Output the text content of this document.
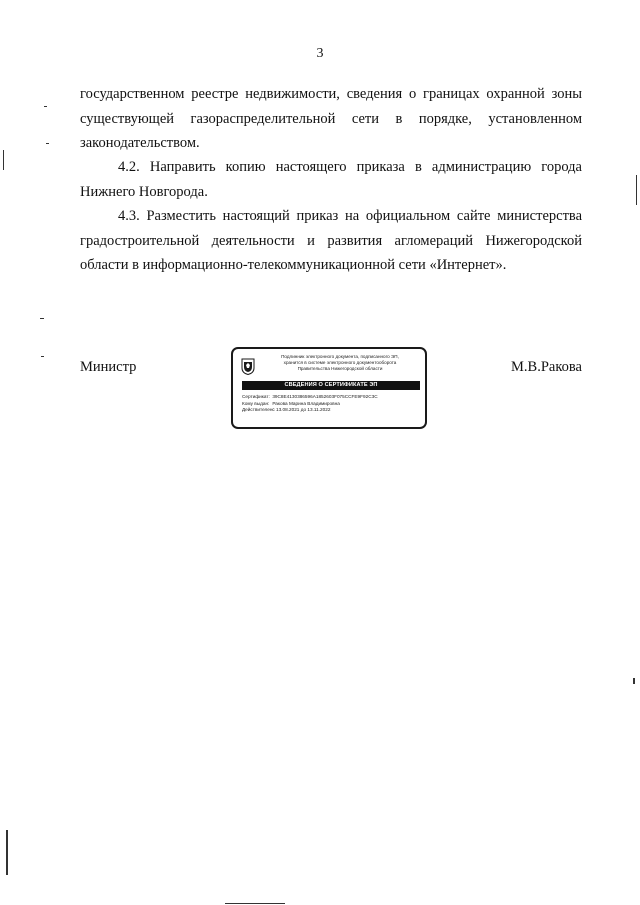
3
государственном реестре недвижимости, сведения о границах охранной зоны
существующей газораспределительной сети в порядке, установленном
законодательством.
4.2. Направить копию настоящего приказа в администрацию города
Нижнего Новгорода.
4.3. Разместить настоящий приказ на официальном сайте министерства
градостроительной деятельности и развития агломераций Нижегородской
области в информационно-телекоммуникационной сети «Интернет».
Министр
Подлинник электронного документа, подписанного ЭП,
хранится в системе электронного документооборота
Правительства Нижегородской области
СВЕДЕНИЯ О СЕРТИФИКАТЕ ЭП
Сертификат: 39C8E4130386596A1852603F075CCFE9F92C3C
Кому выдан: Ракова Марина Владимировна
Действителен: с 13.08.2021 до 13.11.2022
М.В.Ракова
